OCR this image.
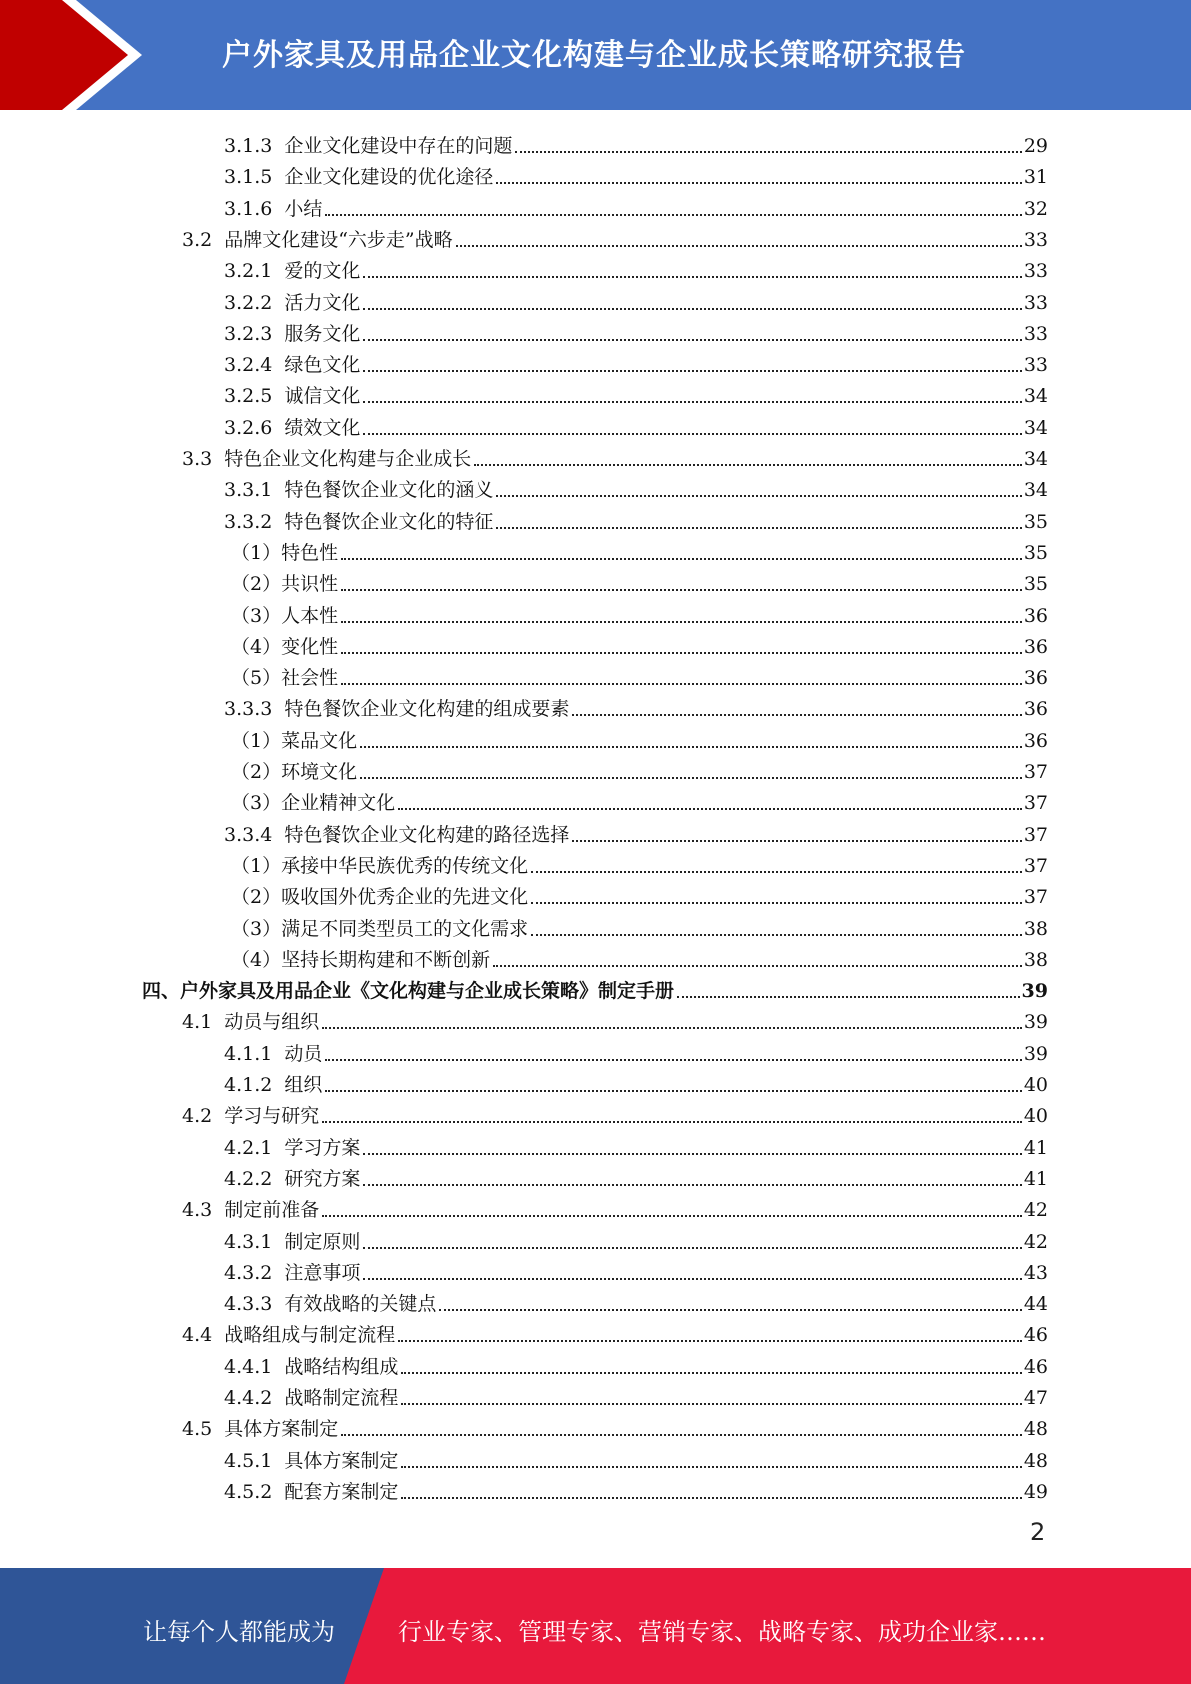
户外家具及用品企业文化构建与企业成长策略研究报告
3.1.3 企业文化建设中存在的问题	29
3.1.5 企业文化建设的优化途径	31
3.1.6 小结	32
3.2 品牌文化建设“六步走”战略	33
3.2.1 爱的文化	33
3.2.2 活力文化	33
3.2.3 服务文化	33
3.2.4 绿色文化	33
3.2.5 诚信文化	34
3.2.6 绩效文化	34
3.3 特色企业文化构建与企业成长	34
3.3.1 特色餐饮企业文化的涵义	34
3.3.2 特色餐饮企业文化的特征	35
（1） 特色性	35
（2） 共识性	35
（3） 人本性	36
（4） 变化性	36
（5） 社会性	36
3.3.3 特色餐饮企业文化构建的组成要素	36
（1） 菜品文化	36
（2） 环境文化	37
（3） 企业精神文化	37
3.3.4 特色餐饮企业文化构建的路径选择	37
（1） 承接中华民族优秀的传统文化	37
（2） 吸收国外优秀企业的先进文化	37
（3） 满足不同类型员工的文化需求	38
（4） 坚持长期构建和不断创新	38
四、 户外家具及用品企业《文化构建与企业成长策略》制定手册	39
4.1 动员与组织	39
4.1.1 动员	39
4.1.2 组织	40
4.2 学习与研究	40
4.2.1 学习方案	41
4.2.2 研究方案	41
4.3 制定前准备	42
4.3.1 制定原则	42
4.3.2 注意事项	43
4.3.3 有效战略的关键点	44
4.4 战略组成与制定流程	46
4.4.1 战略结构组成	46
4.4.2 战略制定流程	47
4.5 具体方案制定	48
4.5.1 具体方案制定	48
4.5.2 配套方案制定	49
2
让每个人都能成为	行业专家、管理专家、营销专家、战略专家、成功企业家……
